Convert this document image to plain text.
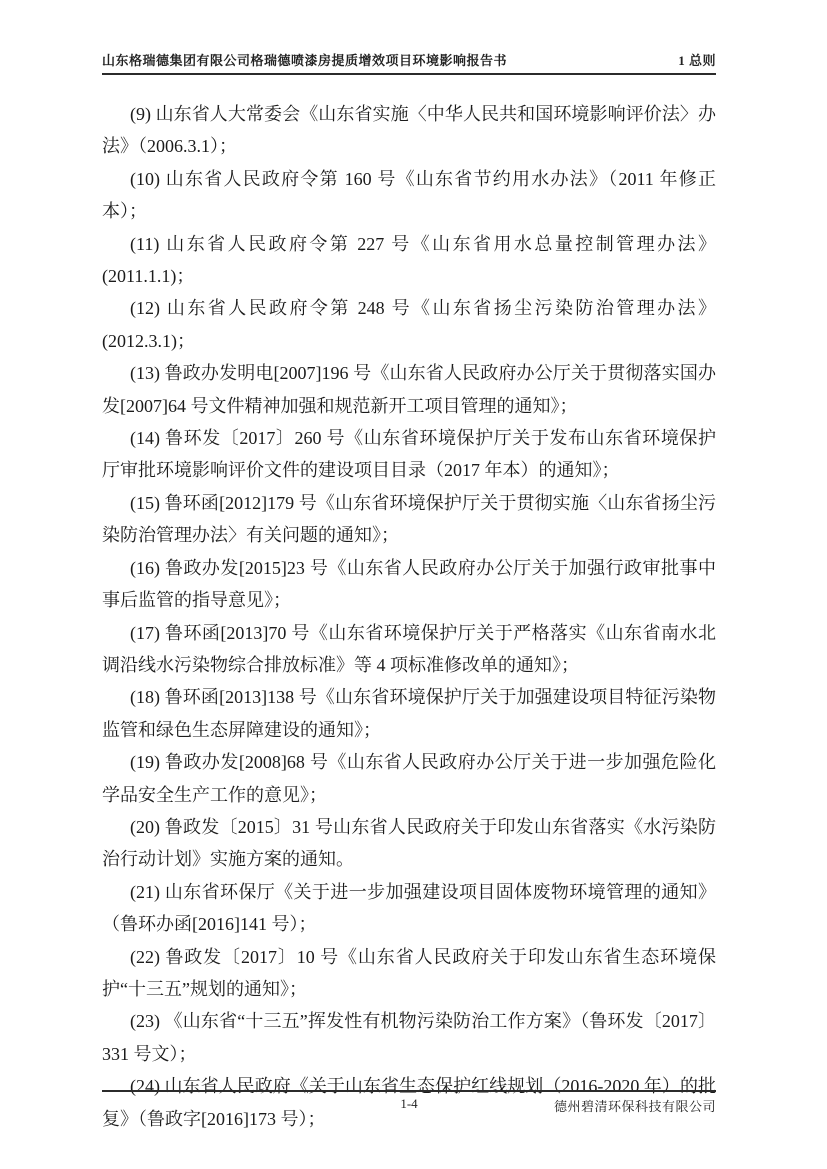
山东格瑞德集团有限公司格瑞德喷漆房提质增效项目环境影响报告书	1 总则

(9) 山东省人大常委会《山东省实施〈中华人民共和国环境影响评价法〉办法》（2006.3.1）；

(10) 山东省人民政府令第 160 号《山东省节约用水办法》（2011 年修正本）；

(11) 山东省人民政府令第 227 号《山东省用水总量控制管理办法》(2011.1.1)；

(12) 山东省人民政府令第 248 号《山东省扬尘污染防治管理办法》(2012.3.1)；

(13) 鲁政办发明电[2007]196 号《山东省人民政府办公厅关于贯彻落实国办发[2007]64 号文件精神加强和规范新开工项目管理的通知》；

(14) 鲁环发〔2017〕260 号《山东省环境保护厅关于发布山东省环境保护厅审批环境影响评价文件的建设项目目录（2017 年本）的通知》；

(15) 鲁环函[2012]179 号《山东省环境保护厅关于贯彻实施〈山东省扬尘污染防治管理办法〉有关问题的通知》；

(16) 鲁政办发[2015]23 号《山东省人民政府办公厅关于加强行政审批事中事后监管的指导意见》；

(17) 鲁环函[2013]70 号《山东省环境保护厅关于严格落实《山东省南水北调沿线水污染物综合排放标准》等 4 项标准修改单的通知》；

(18) 鲁环函[2013]138 号《山东省环境保护厅关于加强建设项目特征污染物监管和绿色生态屏障建设的通知》；

(19) 鲁政办发[2008]68 号《山东省人民政府办公厅关于进一步加强危险化学品安全生产工作的意见》；

(20) 鲁政发〔2015〕31 号山东省人民政府关于印发山东省落实《水污染防治行动计划》实施方案的通知。

(21) 山东省环保厅《关于进一步加强建设项目固体废物环境管理的通知》（鲁环办函[2016]141 号）；

(22) 鲁政发〔2017〕10 号《山东省人民政府关于印发山东省生态环境保护“十三五”规划的通知》；

(23) 《山东省“十三五”挥发性有机物污染防治工作方案》（鲁环发〔2017〕331 号文）；

(24) 山东省人民政府《关于山东省生态保护红线规划（2016-2020 年）的批复》（鲁政字[2016]173 号）；

1-4	德州碧清环保科技有限公司
